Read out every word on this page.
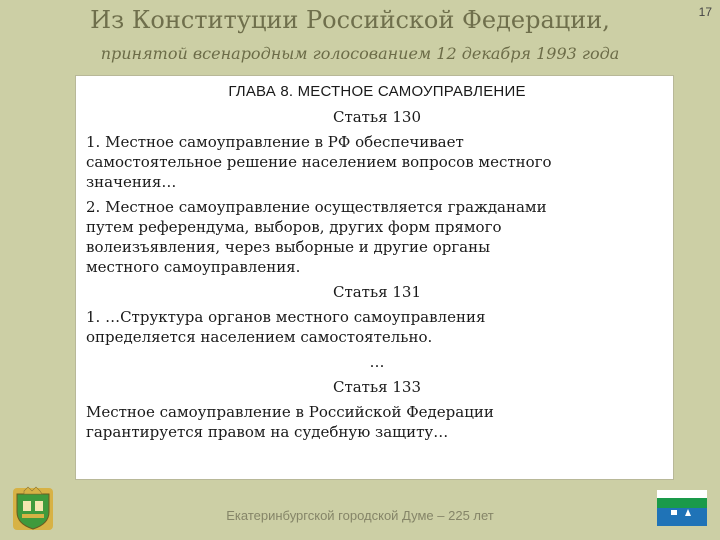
Из Конституции Российской Федерации,
принятой всенародным голосованием 12 декабря 1993 года
17
ГЛАВА 8. МЕСТНОЕ САМОУПРАВЛЕНИЕ
Статья 130
1. Местное самоуправление в РФ обеспечивает
самостоятельное решение населением вопросов местного
значения…
2. Местное самоуправление осуществляется гражданами
путем референдума, выборов, других форм прямого
волеизъявления, через выборные и другие органы
местного самоуправления.
Статья 131
1. …Структура органов местного самоуправления
определяется населением самостоятельно.
…
Статья 133
Местное самоуправление в Российской Федерации
гарантируется правом на судебную защиту…
Екатеринбургской городской Думе – 225 лет
